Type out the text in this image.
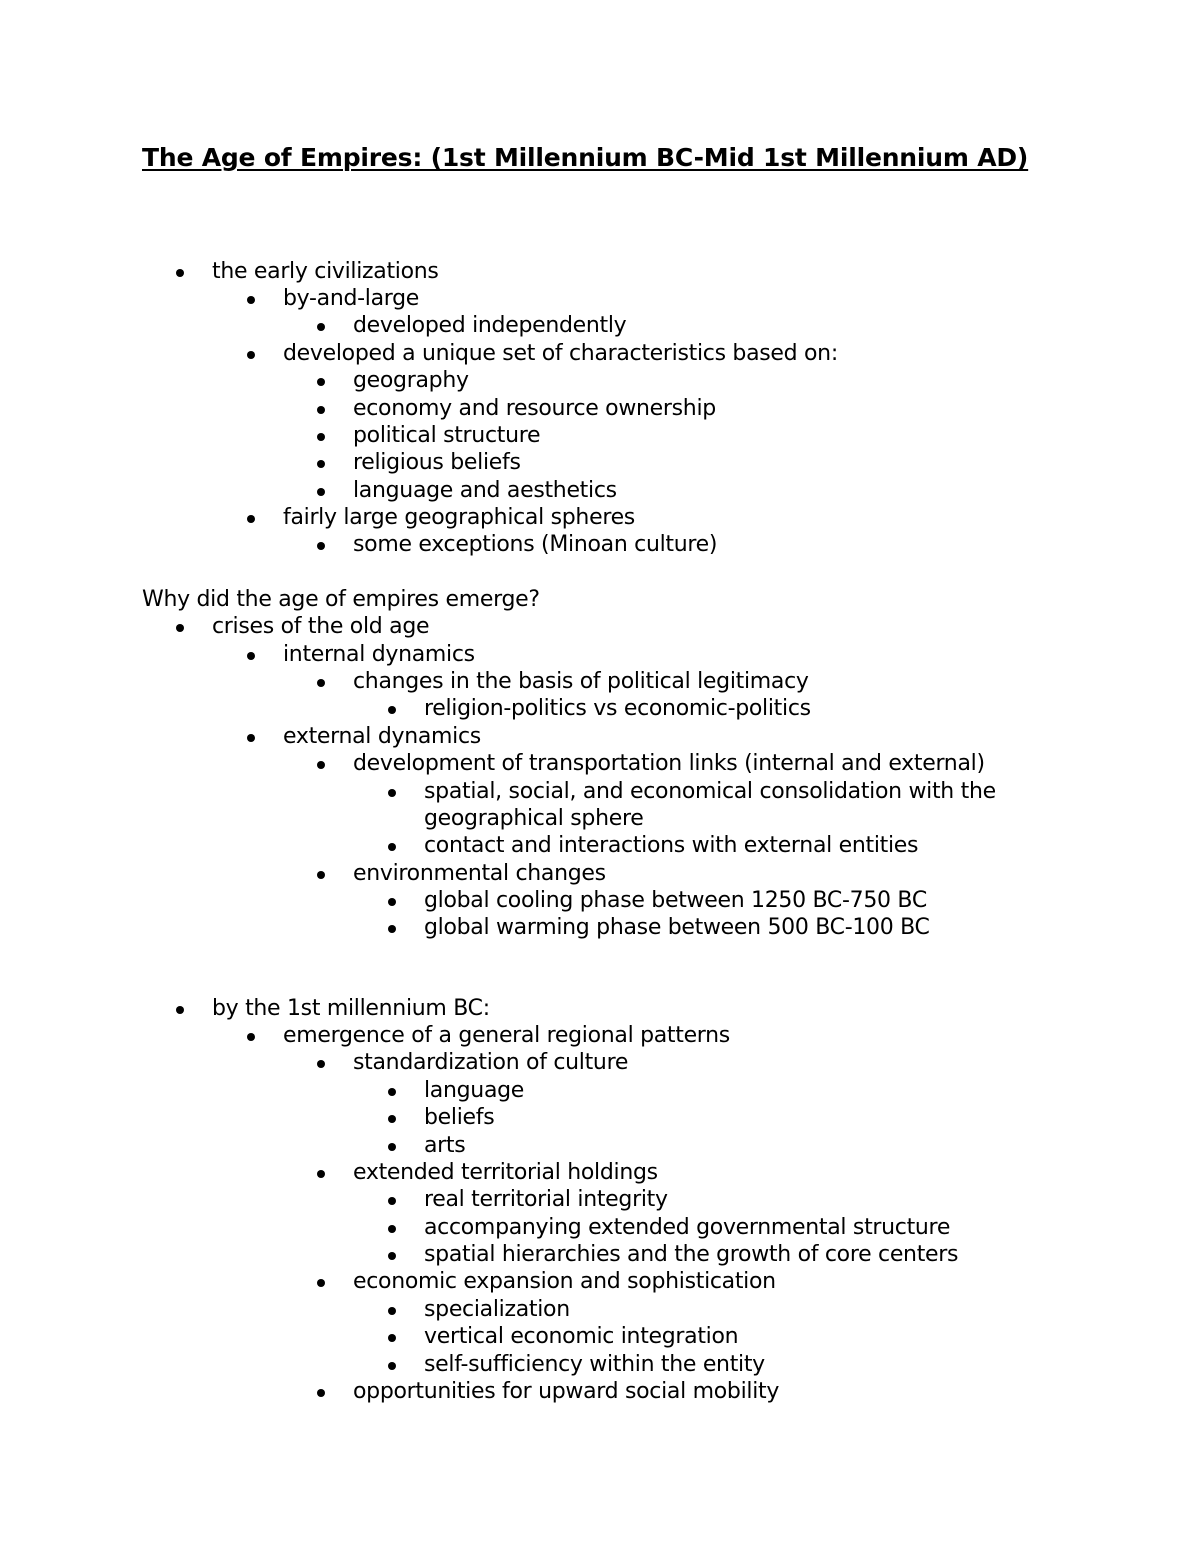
The Age of Empires: (1st Millennium BC-Mid 1st Millennium AD)
the early civilizations
by-and-large
developed independently
developed a unique set of characteristics based on:
geography
economy and resource ownership
political structure
religious beliefs
language and aesthetics
fairly large geographical spheres
some exceptions (Minoan culture)
Why did the age of empires emerge?
crises of the old age
internal dynamics
changes in the basis of political legitimacy
religion-politics vs economic-politics
external dynamics
development of transportation links (internal and external)
spatial, social, and economical consolidation with the
geographical sphere
contact and interactions with external entities
environmental changes
global cooling phase between 1250 BC-750 BC
global warming phase between 500 BC-100 BC
by the 1st millennium BC:
emergence of a general regional patterns
standardization of culture
language
beliefs
arts
extended territorial holdings
real territorial integrity
accompanying extended governmental structure
spatial hierarchies and the growth of core centers
economic expansion and sophistication
specialization
vertical economic integration
self-sufficiency within the entity
opportunities for upward social mobility
